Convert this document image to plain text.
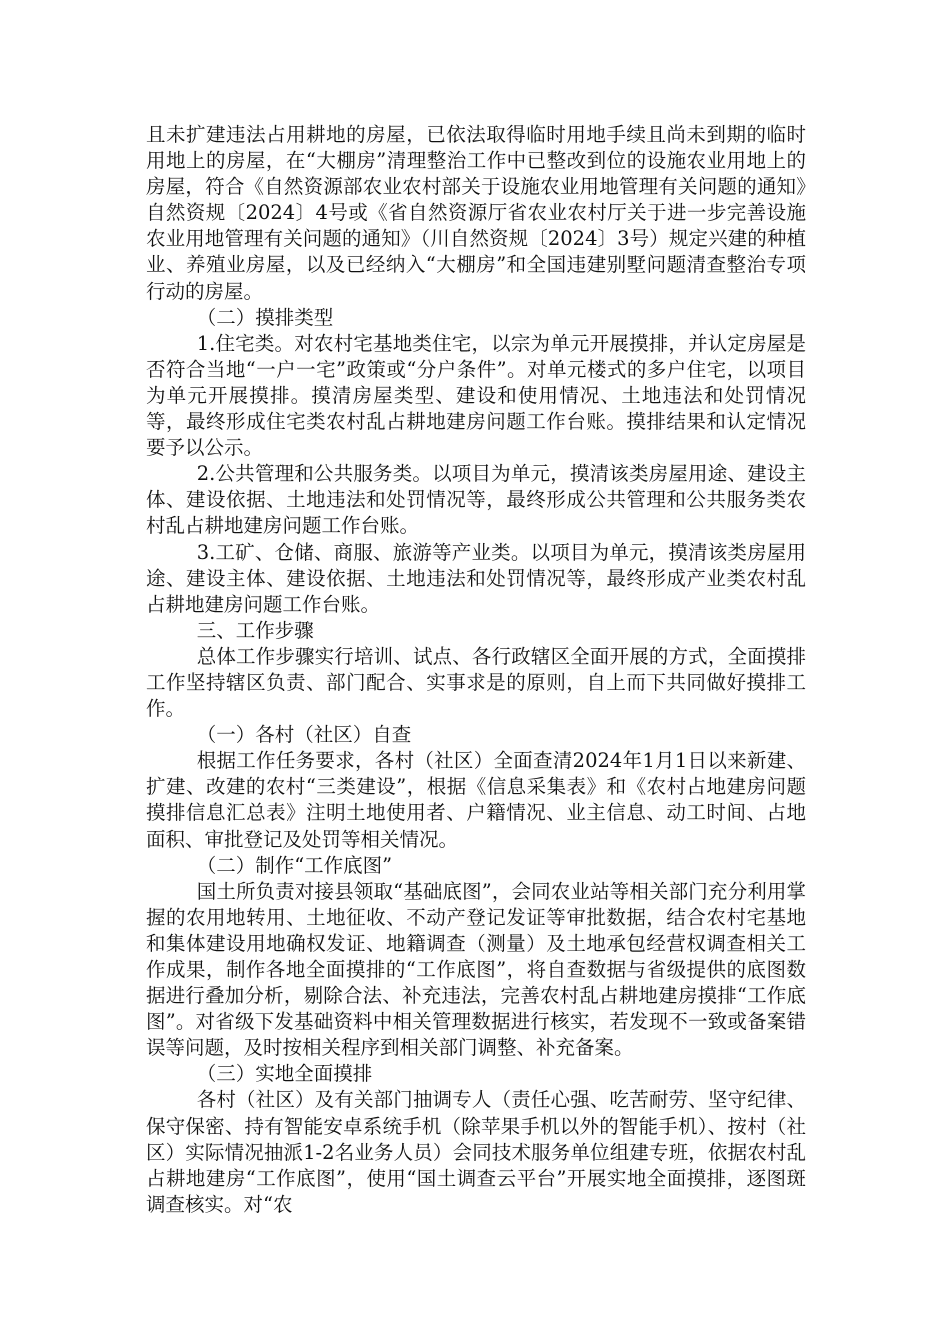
且未扩建违法占用耕地的房屋，已依法取得临时用地手续且尚未到期的临时用地上的房屋，在“大棚房”清理整治工作中已整改到位的设施农业用地上的房屋，符合《自然资源部农业农村部关于设施农业用地管理有关问题的通知》自然资规〔2024〕4号或《省自然资源厅省农业农村厅关于进一步完善设施农业用地管理有关问题的通知》（川自然资规〔2024〕3号）规定兴建的种植业、养殖业房屋，以及已经纳入“大棚房”和全国违建别墅问题清查整治专项行动的房屋。

（二）摸排类型

1.住宅类。对农村宅基地类住宅，以宗为单元开展摸排，并认定房屋是否符合当地“一户一宅”政策或“分户条件”。对单元楼式的多户住宅，以项目为单元开展摸排。摸清房屋类型、建设和使用情况、土地违法和处罚情况等，最终形成住宅类农村乱占耕地建房问题工作台账。摸排结果和认定情况要予以公示。

2.公共管理和公共服务类。以项目为单元，摸清该类房屋用途、建设主体、建设依据、土地违法和处罚情况等，最终形成公共管理和公共服务类农村乱占耕地建房问题工作台账。

3.工矿、仓储、商服、旅游等产业类。以项目为单元，摸清该类房屋用途、建设主体、建设依据、土地违法和处罚情况等，最终形成产业类农村乱占耕地建房问题工作台账。

三、工作步骤

总体工作步骤实行培训、试点、各行政辖区全面开展的方式，全面摸排工作坚持辖区负责、部门配合、实事求是的原则，自上而下共同做好摸排工作。

（一）各村（社区）自查

根据工作任务要求，各村（社区）全面查清2024年1月1日以来新建、扩建、改建的农村“三类建设”，根据《信息采集表》和《农村占地建房问题摸排信息汇总表》注明土地使用者、户籍情况、业主信息、动工时间、占地面积、审批登记及处罚等相关情况。

（二）制作“工作底图”

国土所负责对接县领取“基础底图”，会同农业站等相关部门充分利用掌握的农用地转用、土地征收、不动产登记发证等审批数据，结合农村宅基地和集体建设用地确权发证、地籍调查（测量）及土地承包经营权调查相关工作成果，制作各地全面摸排的“工作底图”，将自查数据与省级提供的底图数据进行叠加分析，剔除合法、补充违法，完善农村乱占耕地建房摸排“工作底图”。对省级下发基础资料中相关管理数据进行核实，若发现不一致或备案错误等问题，及时按相关程序到相关部门调整、补充备案。

（三）实地全面摸排

各村（社区）及有关部门抽调专人（责任心强、吃苦耐劳、坚守纪律、保守保密、持有智能安卓系统手机（除苹果手机以外的智能手机）、按村（社区）实际情况抽派1-2名业务人员）会同技术服务单位组建专班，依据农村乱占耕地建房“工作底图”，使用“国土调查云平台”开展实地全面摸排，逐图斑调查核实。对“农
